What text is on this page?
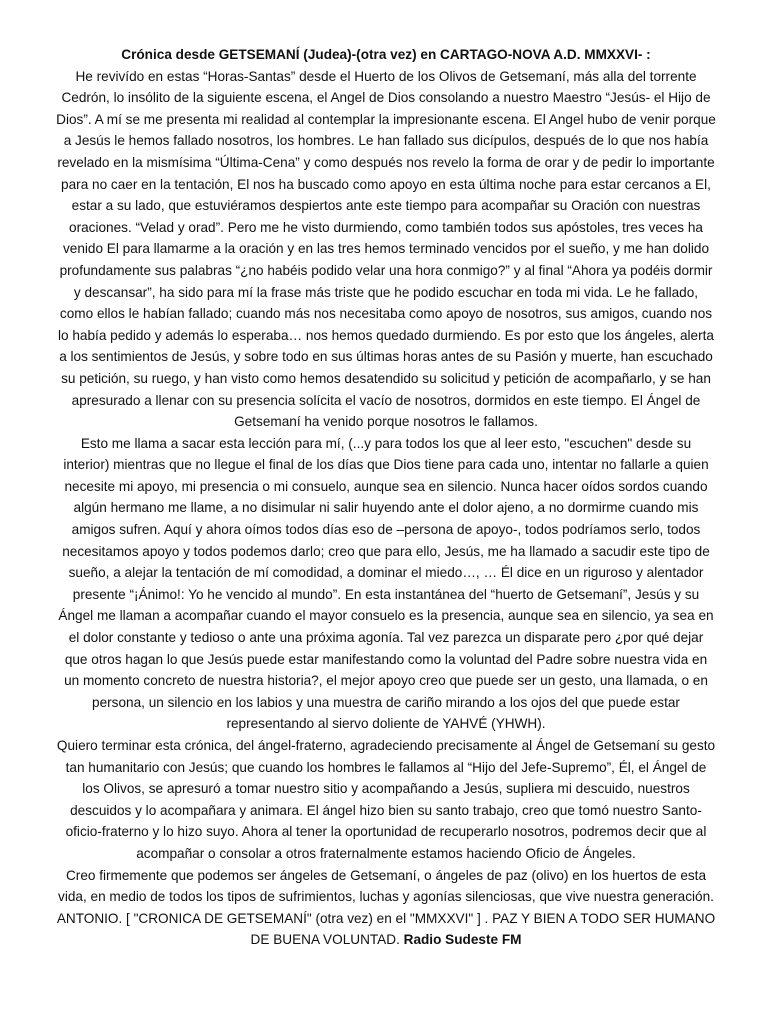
Crónica desde GETSEMANÍ (Judea)-(otra vez) en CARTAGO-NOVA A.D. MMXXVI- :

He revivído en estas “Horas-Santas” desde el Huerto de los Olivos de Getsemaní, más alla del torrente Cedrón, lo insólito de la siguiente escena, el Angel de Dios consolando a nuestro Maestro “Jesús- el Hijo de Dios”. A mí se me presenta mi realidad al contemplar la impresionante escena. El Angel hubo de venir porque a Jesús le hemos fallado nosotros, los hombres. Le han fallado sus dicípulos, después de lo que nos había revelado en la mismísima “Última-Cena” y como después nos revelo la forma de orar y de pedir lo importante para no caer en la tentación, El nos ha buscado como apoyo en esta última noche para estar cercanos a El, estar a su lado, que estuviéramos despiertos ante este tiempo para acompañar su Oración con nuestras oraciones. “Velad y orad”. Pero me he visto durmiendo, como también todos sus apóstoles, tres veces ha venido El para llamarme a la oración y en las tres hemos terminado vencidos por el sueño, y me han dolido profundamente sus palabras “¿no habéis podido velar una hora conmigo?” y al final “Ahora ya podéis dormir y descansar”, ha sido para mí la frase más triste que he podido escuchar en toda mi vida. Le he fallado, como ellos le habían fallado; cuando más nos necesitaba como apoyo de nosotros, sus amigos, cuando nos lo había pedido y además lo esperaba… nos hemos quedado durmiendo. Es por esto que los ángeles, alerta a los sentimientos de Jesús, y sobre todo en sus últimas horas antes de su Pasión y muerte, han escuchado su petición, su ruego, y han visto como hemos desatendido su solicitud y petición de acompañarlo, y se han apresurado a llenar con su presencia solícita el vacío de nosotros, dormidos en este tiempo. El Ángel de Getsemaní ha venido porque nosotros le fallamos.

Esto me llama a sacar esta lección para mí, (...y para todos los que al leer esto, "escuchen" desde su interior) mientras que no llegue el final de los días que Dios tiene para cada uno, intentar no fallarle a quien necesite mi apoyo, mi presencia o mi consuelo, aunque sea en silencio. Nunca hacer oídos sordos cuando algún hermano me llame, a no disimular ni salir huyendo ante el dolor ajeno, a no dormirme cuando mis amigos sufren. Aquí y ahora oímos todos días eso de –persona de apoyo-, todos podríamos serlo, todos necesitamos apoyo y todos podemos darlo; creo que para ello, Jesús, me ha llamado a sacudir este tipo de sueño, a alejar la tentación de mí comodidad, a dominar el miedo…, … Él dice en un riguroso y alentador presente “¡Ánimo!: Yo he vencido al mundo”. En esta instantánea del “huerto de Getsemaní”, Jesús y su Ángel me llaman a acompañar cuando el mayor consuelo es la presencia, aunque sea en silencio, ya sea en el dolor constante y tedioso o ante una próxima agonía. Tal vez parezca un disparate pero ¿por qué dejar que otros hagan lo que Jesús puede estar manifestando como la voluntad del Padre sobre nuestra vida en un momento concreto de nuestra historia?, el mejor apoyo creo que puede ser un gesto, una llamada, o en persona, un silencio en los labios y una muestra de cariño mirando a los ojos del que puede estar representando al siervo doliente de YAHVÉ (YHWH).

Quiero terminar esta crónica, del ángel-fraterno, agradeciendo precisamente al Ángel de Getsemaní su gesto tan humanitario con Jesús; que cuando los hombres le fallamos al “Hijo del Jefe-Supremo”, Él, el Ángel de los Olivos, se apresuró a tomar nuestro sitio y acompañando a Jesús, supliera mi descuido, nuestros descuidos y lo acompañara y animara. El ángel hizo bien su santo trabajo, creo que tomó nuestro Santo-oficio-fraterno y lo hizo suyo. Ahora al tener la oportunidad de recuperarlo nosotros, podremos decir que al acompañar o consolar a otros fraternalmente estamos haciendo Oficio de Ángeles.

Creo firmemente que podemos ser ángeles de Getsemaní, o ángeles de paz (olivo) en los huertos de esta vida, en medio de todos los tipos de sufrimientos, luchas y agonías silenciosas, que vive nuestra generación.

ANTONIO. [ "CRONICA DE GETSEMANÍ" (otra vez) en el "MMXXVI" ] . PAZ Y BIEN A TODO SER HUMANO DE BUENA VOLUNTAD. Radio Sudeste FM
